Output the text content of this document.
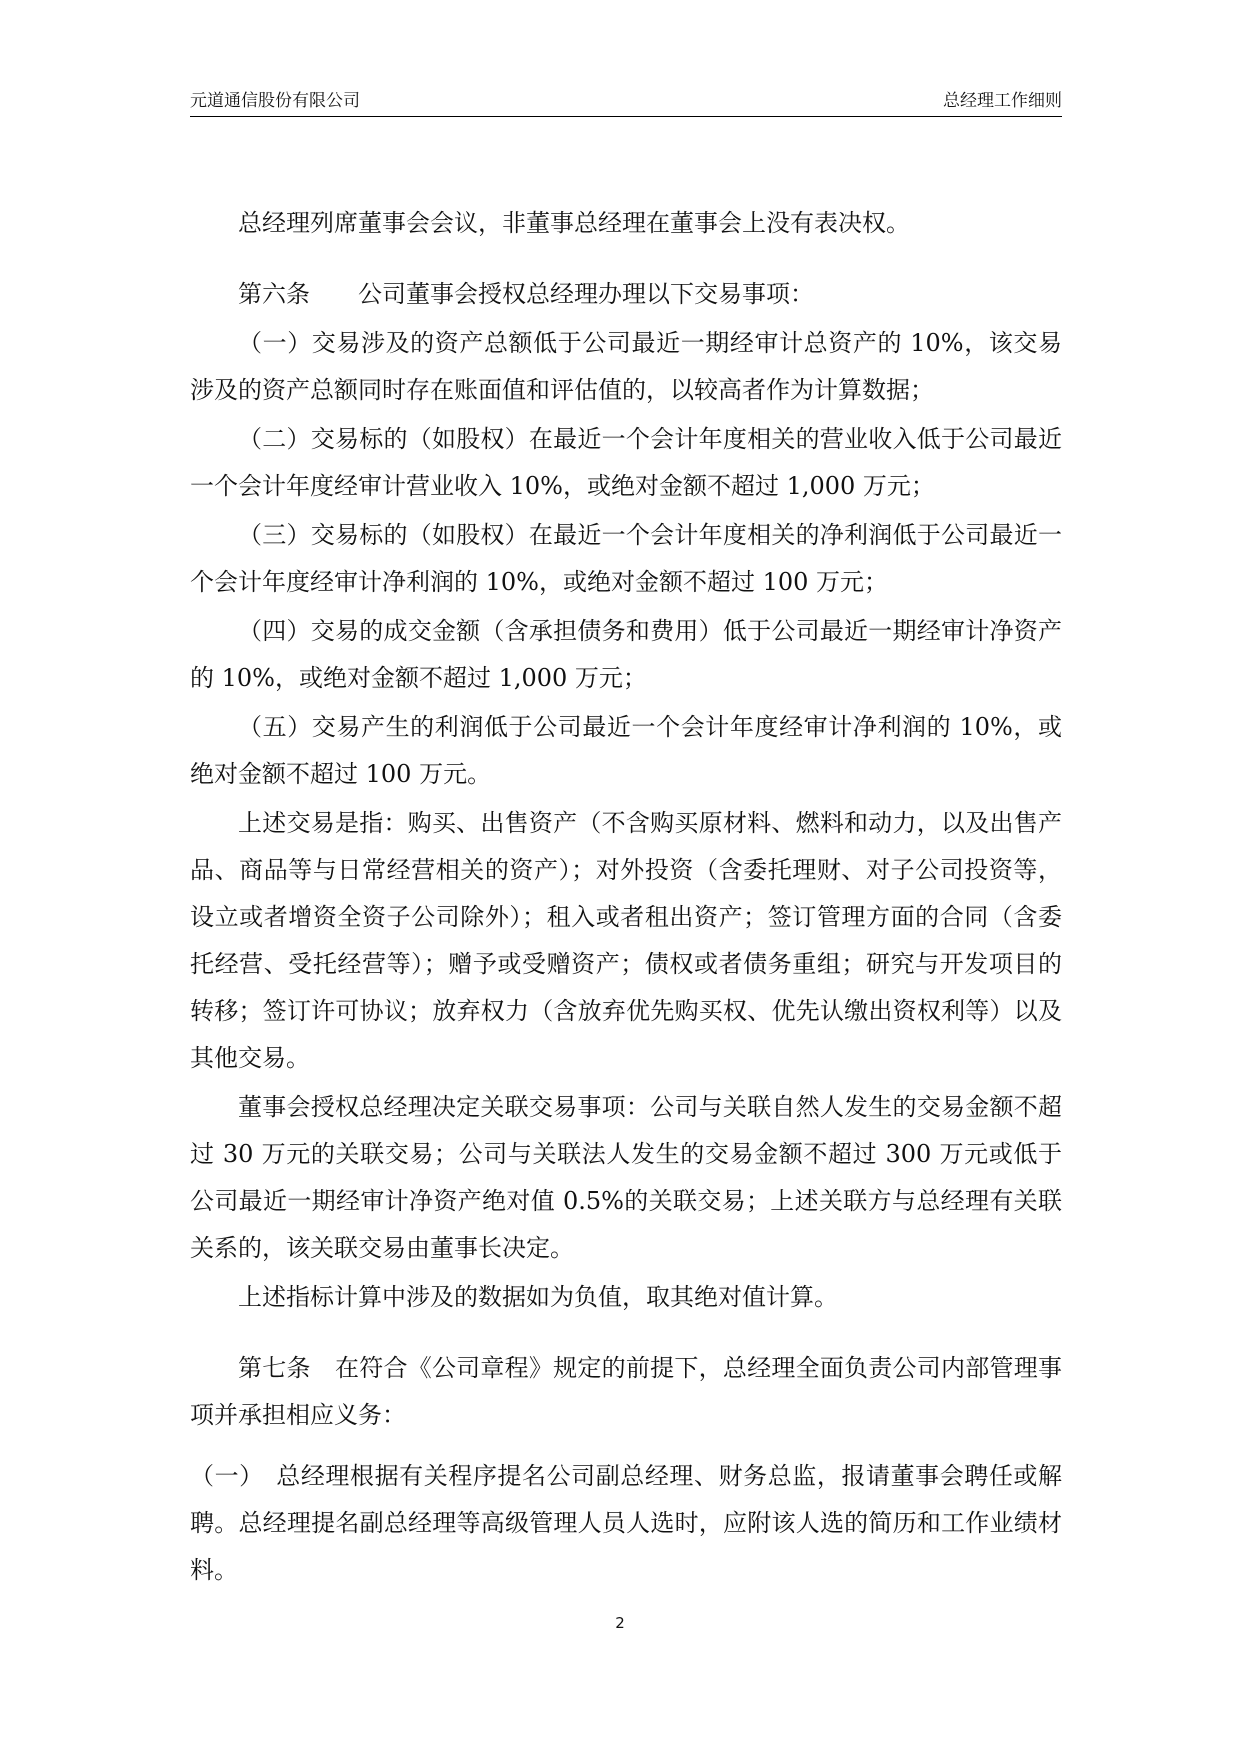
元道通信股份有限公司	总经理工作细则

总经理列席董事会会议，非董事总经理在董事会上没有表决权。

第六条　　公司董事会授权总经理办理以下交易事项：

（一）交易涉及的资产总额低于公司最近一期经审计总资产的 10%，该交易涉及的资产总额同时存在账面值和评估值的，以较高者作为计算数据；

（二）交易标的（如股权）在最近一个会计年度相关的营业收入低于公司最近一个会计年度经审计营业收入 10%，或绝对金额不超过 1,000 万元；

（三）交易标的（如股权）在最近一个会计年度相关的净利润低于公司最近一个会计年度经审计净利润的 10%，或绝对金额不超过 100 万元；

（四）交易的成交金额（含承担债务和费用）低于公司最近一期经审计净资产的 10%，或绝对金额不超过 1,000 万元；

（五）交易产生的利润低于公司最近一个会计年度经审计净利润的 10%，或绝对金额不超过 100 万元。

上述交易是指：购买、出售资产（不含购买原材料、燃料和动力，以及出售产品、商品等与日常经营相关的资产）；对外投资（含委托理财、对子公司投资等，设立或者增资全资子公司除外）；租入或者租出资产；签订管理方面的合同（含委托经营、受托经营等）；赠予或受赠资产；债权或者债务重组；研究与开发项目的转移；签订许可协议；放弃权力（含放弃优先购买权、优先认缴出资权利等）以及其他交易。

董事会授权总经理决定关联交易事项：公司与关联自然人发生的交易金额不超过 30 万元的关联交易；公司与关联法人发生的交易金额不超过 300 万元或低于公司最近一期经审计净资产绝对值 0.5%的关联交易；上述关联方与总经理有关联关系的，该关联交易由董事长决定。

上述指标计算中涉及的数据如为负值，取其绝对值计算。

第七条　在符合《公司章程》规定的前提下，总经理全面负责公司内部管理事项并承担相应义务：

（一）　总经理根据有关程序提名公司副总经理、财务总监，报请董事会聘任或解聘。总经理提名副总经理等高级管理人员人选时，应附该人选的简历和工作业绩材料。

2
